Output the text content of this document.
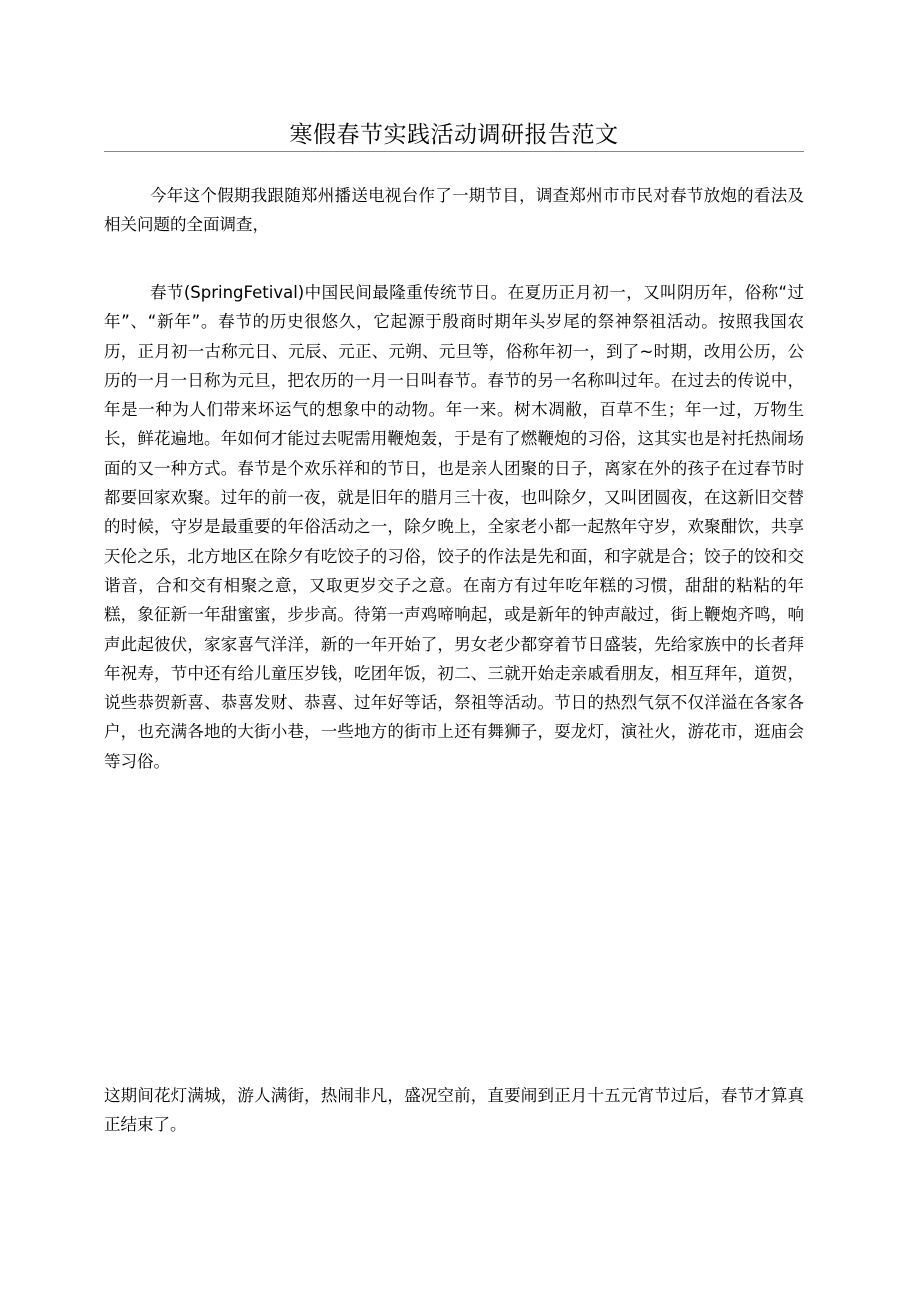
寒假春节实践活动调研报告范文

今年这个假期我跟随郑州播送电视台作了一期节目，调查郑州市市民对春节放炮的看法及相关问题的全面调查，

春节(SpringFetival)中国民间最隆重传统节日。在夏历正月初一，又叫阴历年，俗称“过年”、“新年”。春节的历史很悠久，它起源于殷商时期年头岁尾的祭神祭祖活动。按照我国农历，正月初一古称元日、元辰、元正、元朔、元旦等，俗称年初一，到了~时期，改用公历，公历的一月一日称为元旦，把农历的一月一日叫春节。春节的另一名称叫过年。在过去的传说中，年是一种为人们带来坏运气的想象中的动物。年一来。树木凋敝，百草不生；年一过，万物生长，鲜花遍地。年如何才能过去呢需用鞭炮轰，于是有了燃鞭炮的习俗，这其实也是衬托热闹场面的又一种方式。春节是个欢乐祥和的节日，也是亲人团聚的日子，离家在外的孩子在过春节时都要回家欢聚。过年的前一夜，就是旧年的腊月三十夜，也叫除夕，又叫团圆夜，在这新旧交替的时候，守岁是最重要的年俗活动之一，除夕晚上，全家老小都一起熬年守岁，欢聚酣饮，共享天伦之乐，北方地区在除夕有吃饺子的习俗，饺子的作法是先和面，和字就是合；饺子的饺和交谐音，合和交有相聚之意，又取更岁交子之意。在南方有过年吃年糕的习惯，甜甜的粘粘的年糕，象征新一年甜蜜蜜，步步高。待第一声鸡啼响起，或是新年的钟声敲过，街上鞭炮齐鸣，响声此起彼伏，家家喜气洋洋，新的一年开始了，男女老少都穿着节日盛装，先给家族中的长者拜年祝寿，节中还有给儿童压岁钱，吃团年饭，初二、三就开始走亲戚看朋友，相互拜年，道贺，说些恭贺新喜、恭喜发财、恭喜、过年好等话，祭祖等活动。节日的热烈气氛不仅洋溢在各家各户，也充满各地的大街小巷，一些地方的街市上还有舞狮子，耍龙灯，演社火，游花市，逛庙会等习俗。

这期间花灯满城，游人满街，热闹非凡，盛况空前，直要闹到正月十五元宵节过后，春节才算真正结束了。
